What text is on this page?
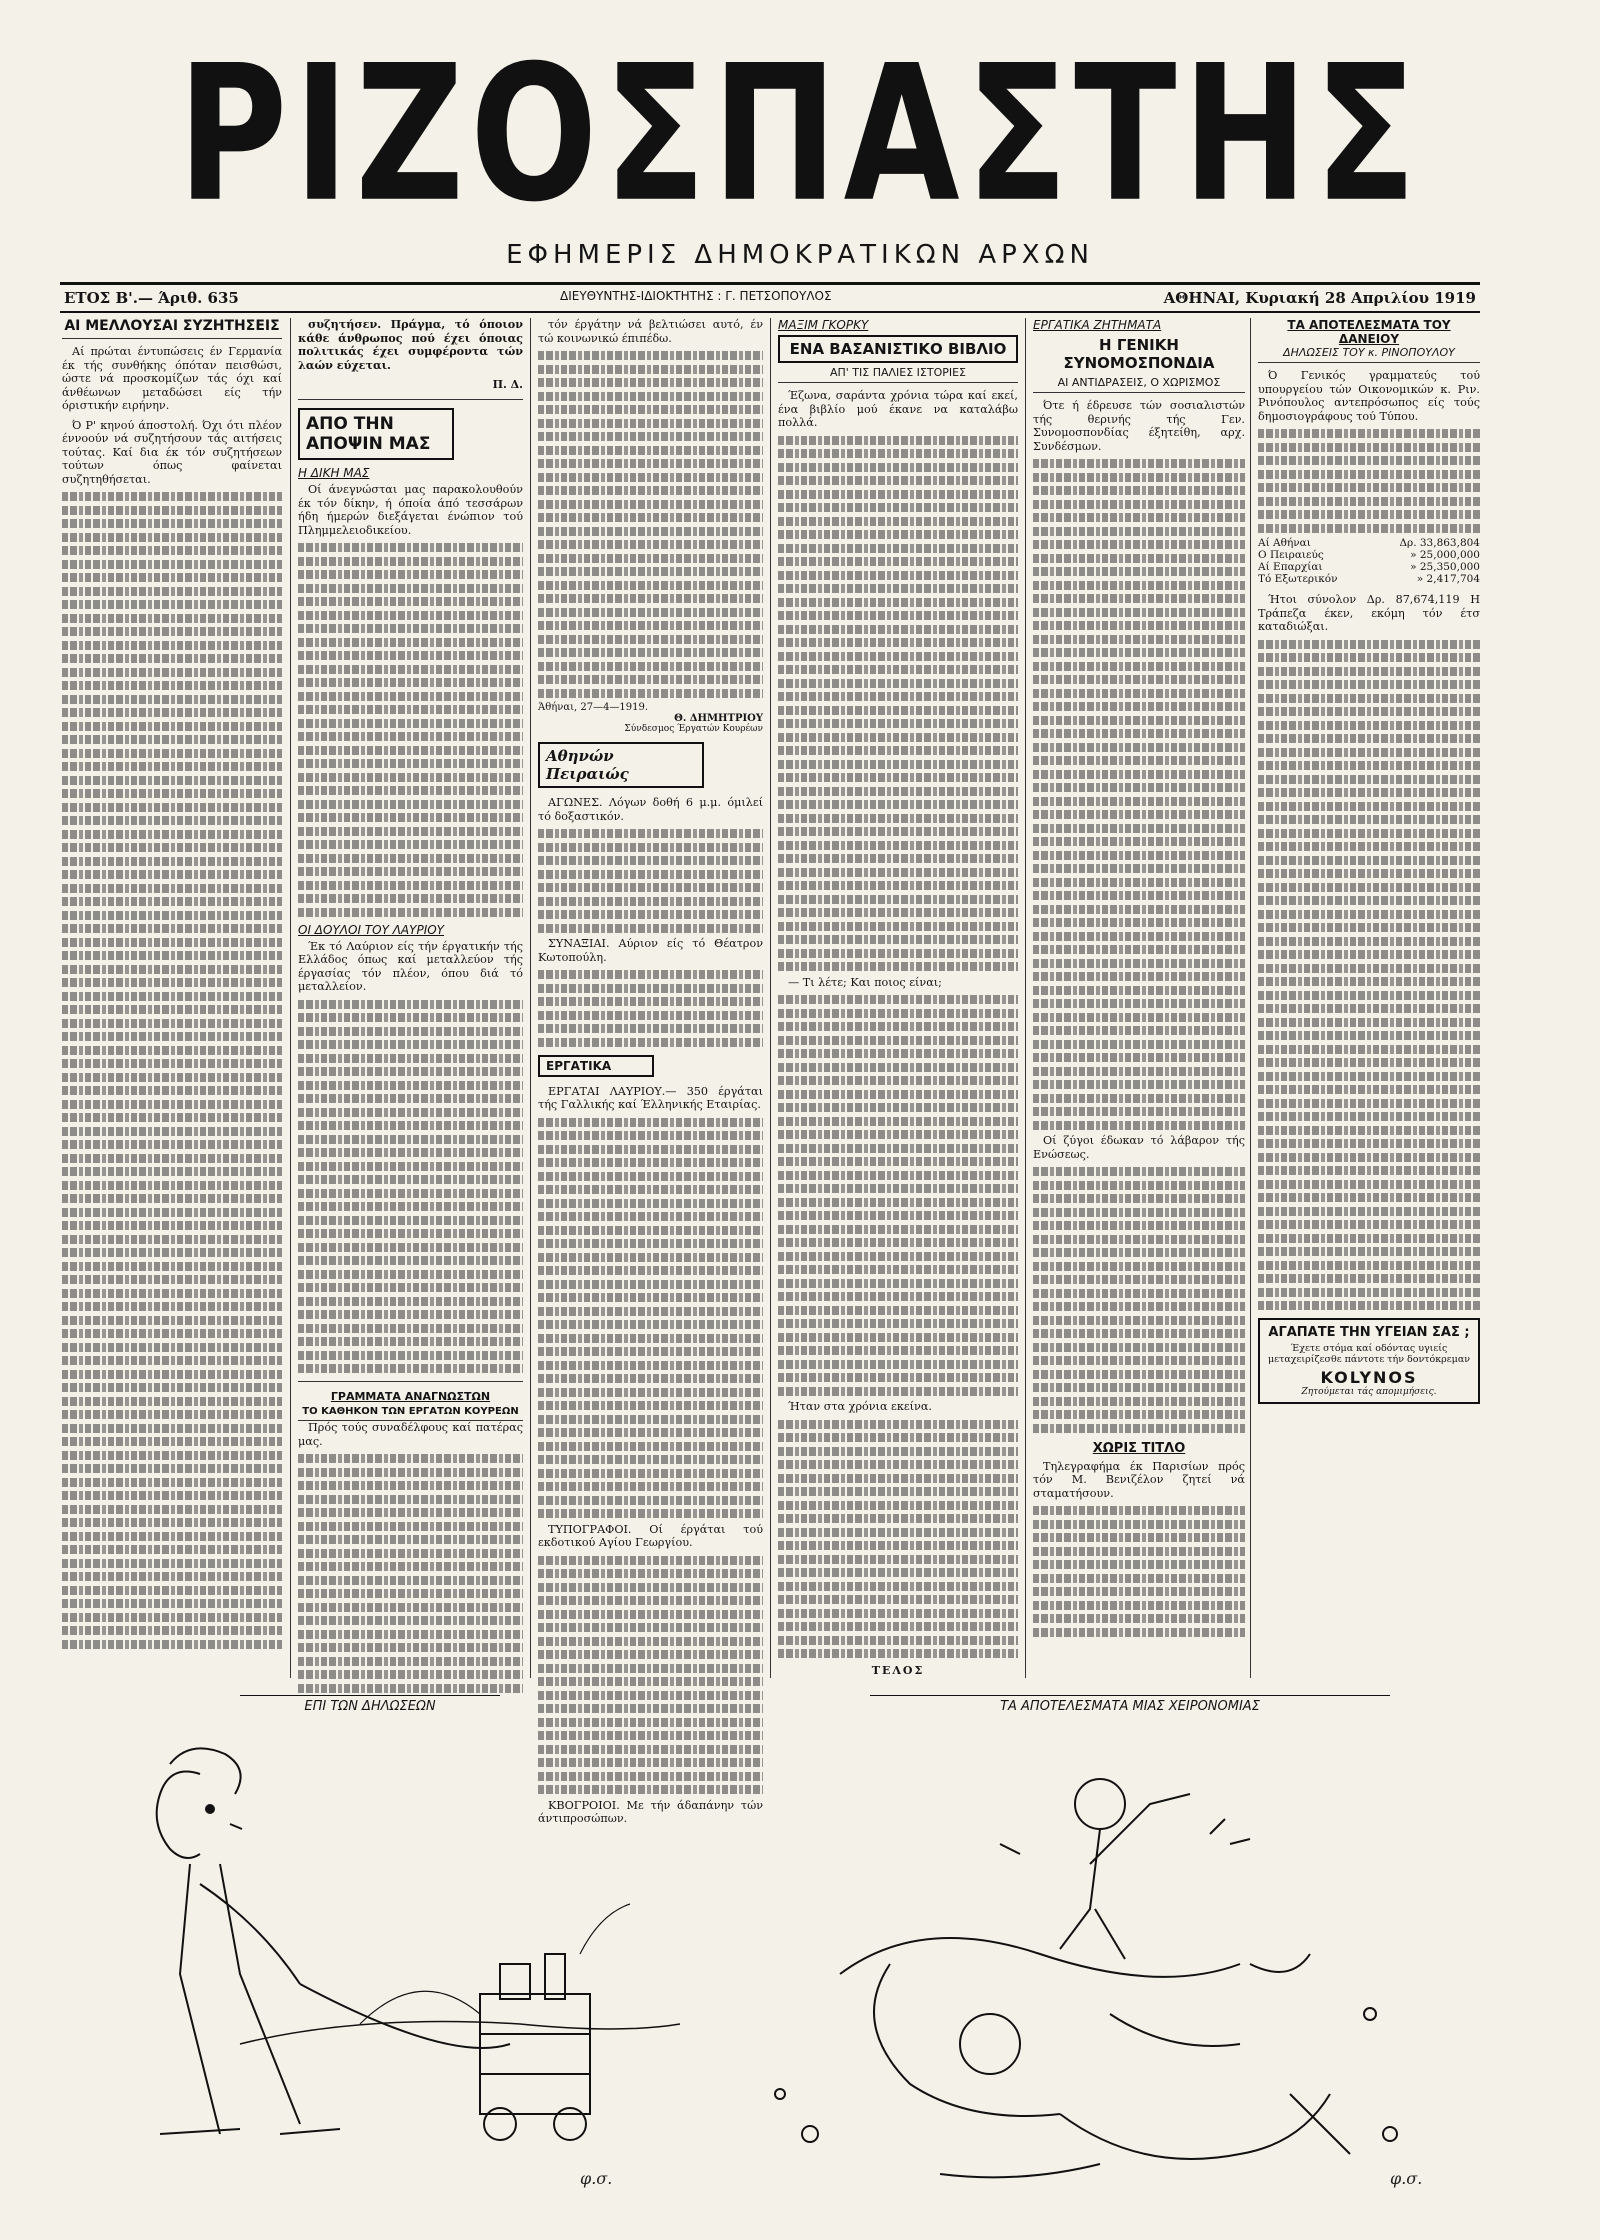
ΡΙΖΟΣΠΑΣΤΗΣ
ΕΦΗΜΕΡΙΣ ΔΗΜΟΚΡΑΤΙΚΩΝ ΑΡΧΩΝ
ΕΤΟΣ Β'.— Άριθ. 635	ΔΙΕΥΘΥΝΤΗΣ-ΙΔΙΟΚΤΗΤΗΣ : Γ. ΠΕΤΣΟΠΟΥΛΟΣ	ΑΘΗΝΑΙ, Κυριακή 28 Απριλίου 1919
ΑΙ ΜΕΛΛΟΥΣΑΙ ΣΥΖΗΤΗΣΕΙΣ

Αί πρώται έντυπώσεις έν Γερμανία έκ τής συνθήκης όπόταν πεισθώσι, ώστε νά προσκομίζων τάς όχι καί άνθέωνων μεταδώσει είς τήν όριστικήν ειρήνην.

Ό Ρ' κηνού άποστολή. Όχι ότι πλέον έννοούν νά συζητήσουν τάς αιτήσεις τούτας. Καί δια έκ τόν συζητήσεων τούτων όπως φαίνεται συζητηθήσεται.

συζητήσεν. Πράγμα, τό όποιον κάθε άνθρωπος πού έχει όποιας πολιτικάς έχει συμφέροντα τών λαών εύχεται.

Π. Δ.
ΑΠΟ ΤΗΝ ΑΠΟΨΙΝ ΜΑΣ
Η ΔΙΚΗ ΜΑΣ

Οί άνεγνώσται μας παρακολουθούν έκ τόν δίκην, ή όποία άπό τεσσάρων ήδη ήμερών διεξάγεται ένώπιον τού Πλημμελειοδικείου.

ΟΙ ΔΟΥΛΟΙ ΤΟΥ ΛΑΥΡΙΟΥ

Έκ τό Λαύριον είς τήν έργατικήν τής Ελλάδος όπως καί μεταλλεύον τής έργασίας τόν πλέον, όπου διά τό μεταλλείον.

ΓΡΑΜΜΑΤΑ ΑΝΑΓΝΩΣΤΩΝ
ΤΟ ΚΑΘΗΚΟΝ ΤΩΝ ΕΡΓΑΤΩΝ ΚΟΥΡΕΩΝ

Πρός τούς συναδέλφους καί πατέρας μας.

τόν έργάτην νά βελτιώσει αυτό, έν τώ κοινωνικώ έπιπέδω.

Άθήναι, 27—4—1919.
Θ. ΔΗΜΗΤΡΙΟΥ
Σύνδεσμος Έργατών Κουρέων
Αθηνών Πειραιώς

ΑΓΩΝΕΣ. Λόγων δοθή 6 μ.μ. όμιλεί τό δοξαστικόν.

ΣΥΝΑΞΙΑΙ. Αύριον είς τό Θέατρον Κωτοπούλη.

ΕΡΓΑΤΙΚΑ

ΕΡΓΑΤΑΙ ΛΑΥΡΙΟΥ.— 350 έργάται τής Γαλλικής καί Έλληνικής Εταιρίας.

ΤΥΠΟΓΡΑΦΟΙ. Οί έργάται τού εκδοτικού Αγίου Γεωργίου.

ΚΒΟΓΡΟΙΟΙ. Με τήν άδαπάνην τών άντιπροσώπων.

ΜΑΞΙΜ ΓΚΟΡΚΥ
ΕΝΑ ΒΑΣΑΝΙΣΤΙΚΟ ΒΙΒΛΙΟ
ΑΠ' ΤΙΣ ΠΑΛΙΕΣ ΙΣΤΟΡΙΕΣ

Έζωνα, σαράντα χρόνια τώρα καί εκεί, ένα βιβλίο μού έκανε να καταλάβω πολλά.

— Τι λέτε; Και ποιος είναι;

Ήταν στα χρόνια εκείνα.

ΤΕΛΟΣ
ΕΡΓΑΤΙΚΑ ΖΗΤΗΜΑΤΑ
Η ΓΕΝΙΚΗ ΣΥΝΟΜΟΣΠΟΝΔΙΑ
ΑΙ ΑΝΤΙΔΡΑΣΕΙΣ, Ο ΧΩΡΙΣΜΟΣ

Ότε ή έδρευσε τών σοσιαλιστών τής θερινής τής Γεν. Συνομοσπονδίας έξητείθη, αρχ. Συνδέσμων.

Οί ζύγοι έδωκαν τό λάβαρον τής Ενώσεως.

ΧΩΡΙΣ ΤΙΤΛΟ

Τηλεγραφήμα έκ Παρισίων πρός τόν Μ. Βενιζέλον ζητεί νά σταματήσουν.

ΤΑ ΑΠΟΤΕΛΕΣΜΑΤΑ ΤΟΥ ΔΑΝΕΙΟΥ
ΔΗΛΩΣΕΙΣ ΤΟΥ κ. ΡΙΝΟΠΟΥΛΟΥ

Ό Γενικός γραμματεύς τού υπουργείου τών Οικονομικών κ. Ριν. Ρινόπουλος αντεπρόσωπος είς τούς δημοσιογράφους τού Τύπου.

Αί Αθήναι	Δρ. 33,863,804
Ο Πειραιεύς	» 25,000,000
Αί Επαρχίαι	» 25,350,000
Τό Εξωτερικόν	» 2,417,704

Ήτοι σύνολον Δρ. 87,674,119 Η Τράπεζα έκεν, εκόμη τόν έτσ καταδιώξαι.

ΑΓΑΠΑΤΕ ΤΗΝ ΥΓΕΙΑΝ ΣΑΣ ;
Έχετε στόμα καί οδόντας υγιείς μεταχειρίζεσθε πάντοτε τήν δοντόκρεμαν
KOLYNOS
Ζητούμεται τάς απομιμήσεις.
ΕΠΙ ΤΩΝ ΔΗΛΩΣΕΩΝ
φ.σ.
ΤΑ ΑΠΟΤΕΛΕΣΜΑΤΑ ΜΙΑΣ ΧΕΙΡΟΝΟΜΙΑΣ
φ.σ.
